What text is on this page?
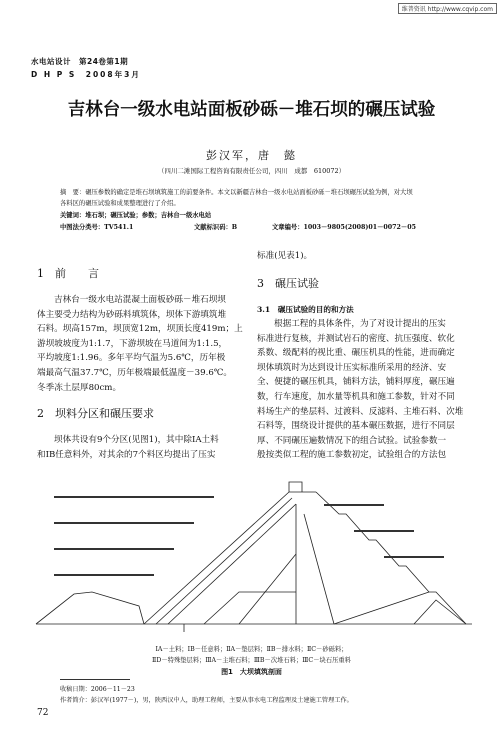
维普资讯 http://www.cqvip.com
水电站设计　第24卷第1期
D H P S　2008年3月
吉林台一级水电站面板砂砾－堆石坝的碾压试验
彭汉军，唐　懿
（四川二滩国际工程咨询有限责任公司，四川　成都　610072）
摘　要：碾压参数的确定是堆石坝填筑施工的前要条件。本文以新疆吉林台一级水电站面板砂砾－堆石坝碾压试验为例，对大坝
各料区的碾压试验和成果整理进行了介绍。
关键词：堆石坝；碾压试验；参数；吉林台一级水电站
中图法分类号：TV541.1	文献标识码：B	文章编号：1003－9805(2008)01－0072－05
1　前　　言
吉林台一级水电站混凝土面板砂砾－堆石坝坝
体主要受力结构为砂砾料填筑体，坝体下游填筑堆
石料。坝高157m，坝顶宽12m，坝顶长度419m；上
游坝坡坡度为1:1.7，下游坝坡在马道间为1:1.5，
平均坡度1:1.96。多年平均气温为5.6℃，历年极
端最高气温37.7℃，历年极端最低温度－39.6℃。
冬季冻土层厚80cm。
2　坝料分区和碾压要求
坝体共设有9个分区(见图1)，其中除ⅠA土料
和ⅠB任意料外，对其余的7个料区均提出了压实
标准(见表1)。
3　碾压试验
3.1　碾压试验的目的和方法
根据工程的具体条件，为了对设计提出的压实
标准进行复核，并测试岩石的密度、抗压强度、软化
系数、级配料的视比重、碾压机具的性能，进而确定
坝体填筑时为达到设计压实标准所采用的经济、安
全、便捷的碾压机具，铺料方法，铺料厚度，碾压遍
数，行车速度，加水量等机具和施工参数，针对不同
料场生产的垫层料、过渡料、反滤料、主堆石料、次堆
石料等，围绕设计提供的基本碾压数据，进行不同层
厚、不同碾压遍数情况下的组合试验。试验参数一
般按类似工程的施工参数初定，试验组合的方法包
ⅠA－土料；ⅠB－任意料；ⅡA－垫层料；ⅡB－排水料；ⅡC－砂砾料；
ⅡD－特殊垫层料；ⅢA－主堆石料；ⅢB－次堆石料；ⅢC－块石压重料
图1　大坝填筑剖面
收稿日期：2006－11－23
作者简介：彭汉军(1977－)，男，陕西汉中人，助理工程师，主要从事水电工程监理及土建施工管理工作。
72
